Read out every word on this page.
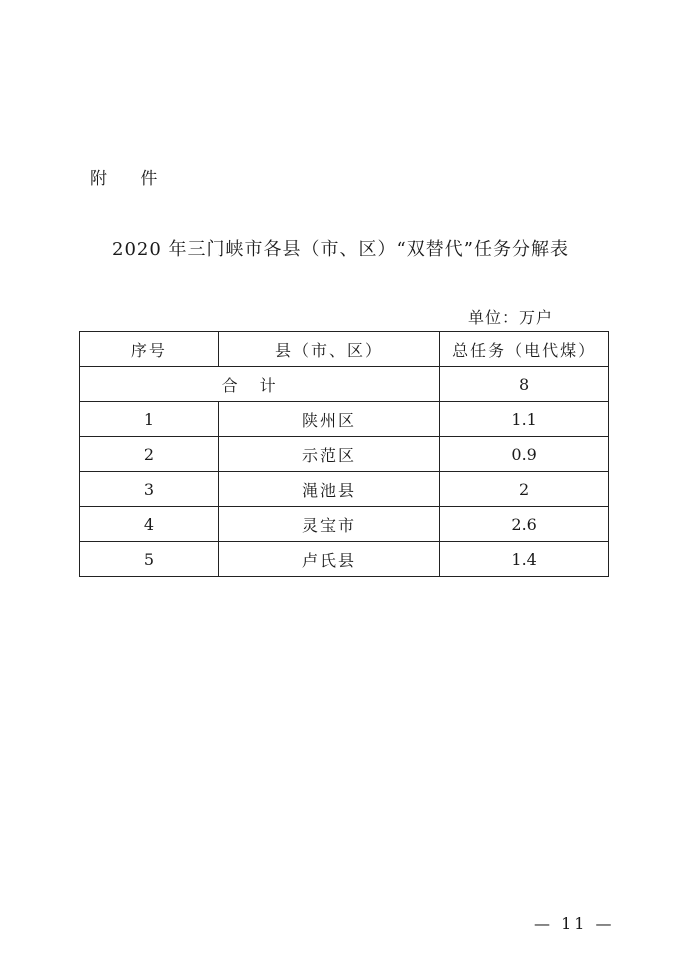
附 件
2020 年三门峡市各县（市、区）“双替代”任务分解表
单位：万户
序号	县（市、区）	总任务（电代煤）
合计		8
1	陕州区	1.1
2	示范区	0.9
3	渑池县	2
4	灵宝市	2.6
5	卢氏县	1.4
— 11 —
